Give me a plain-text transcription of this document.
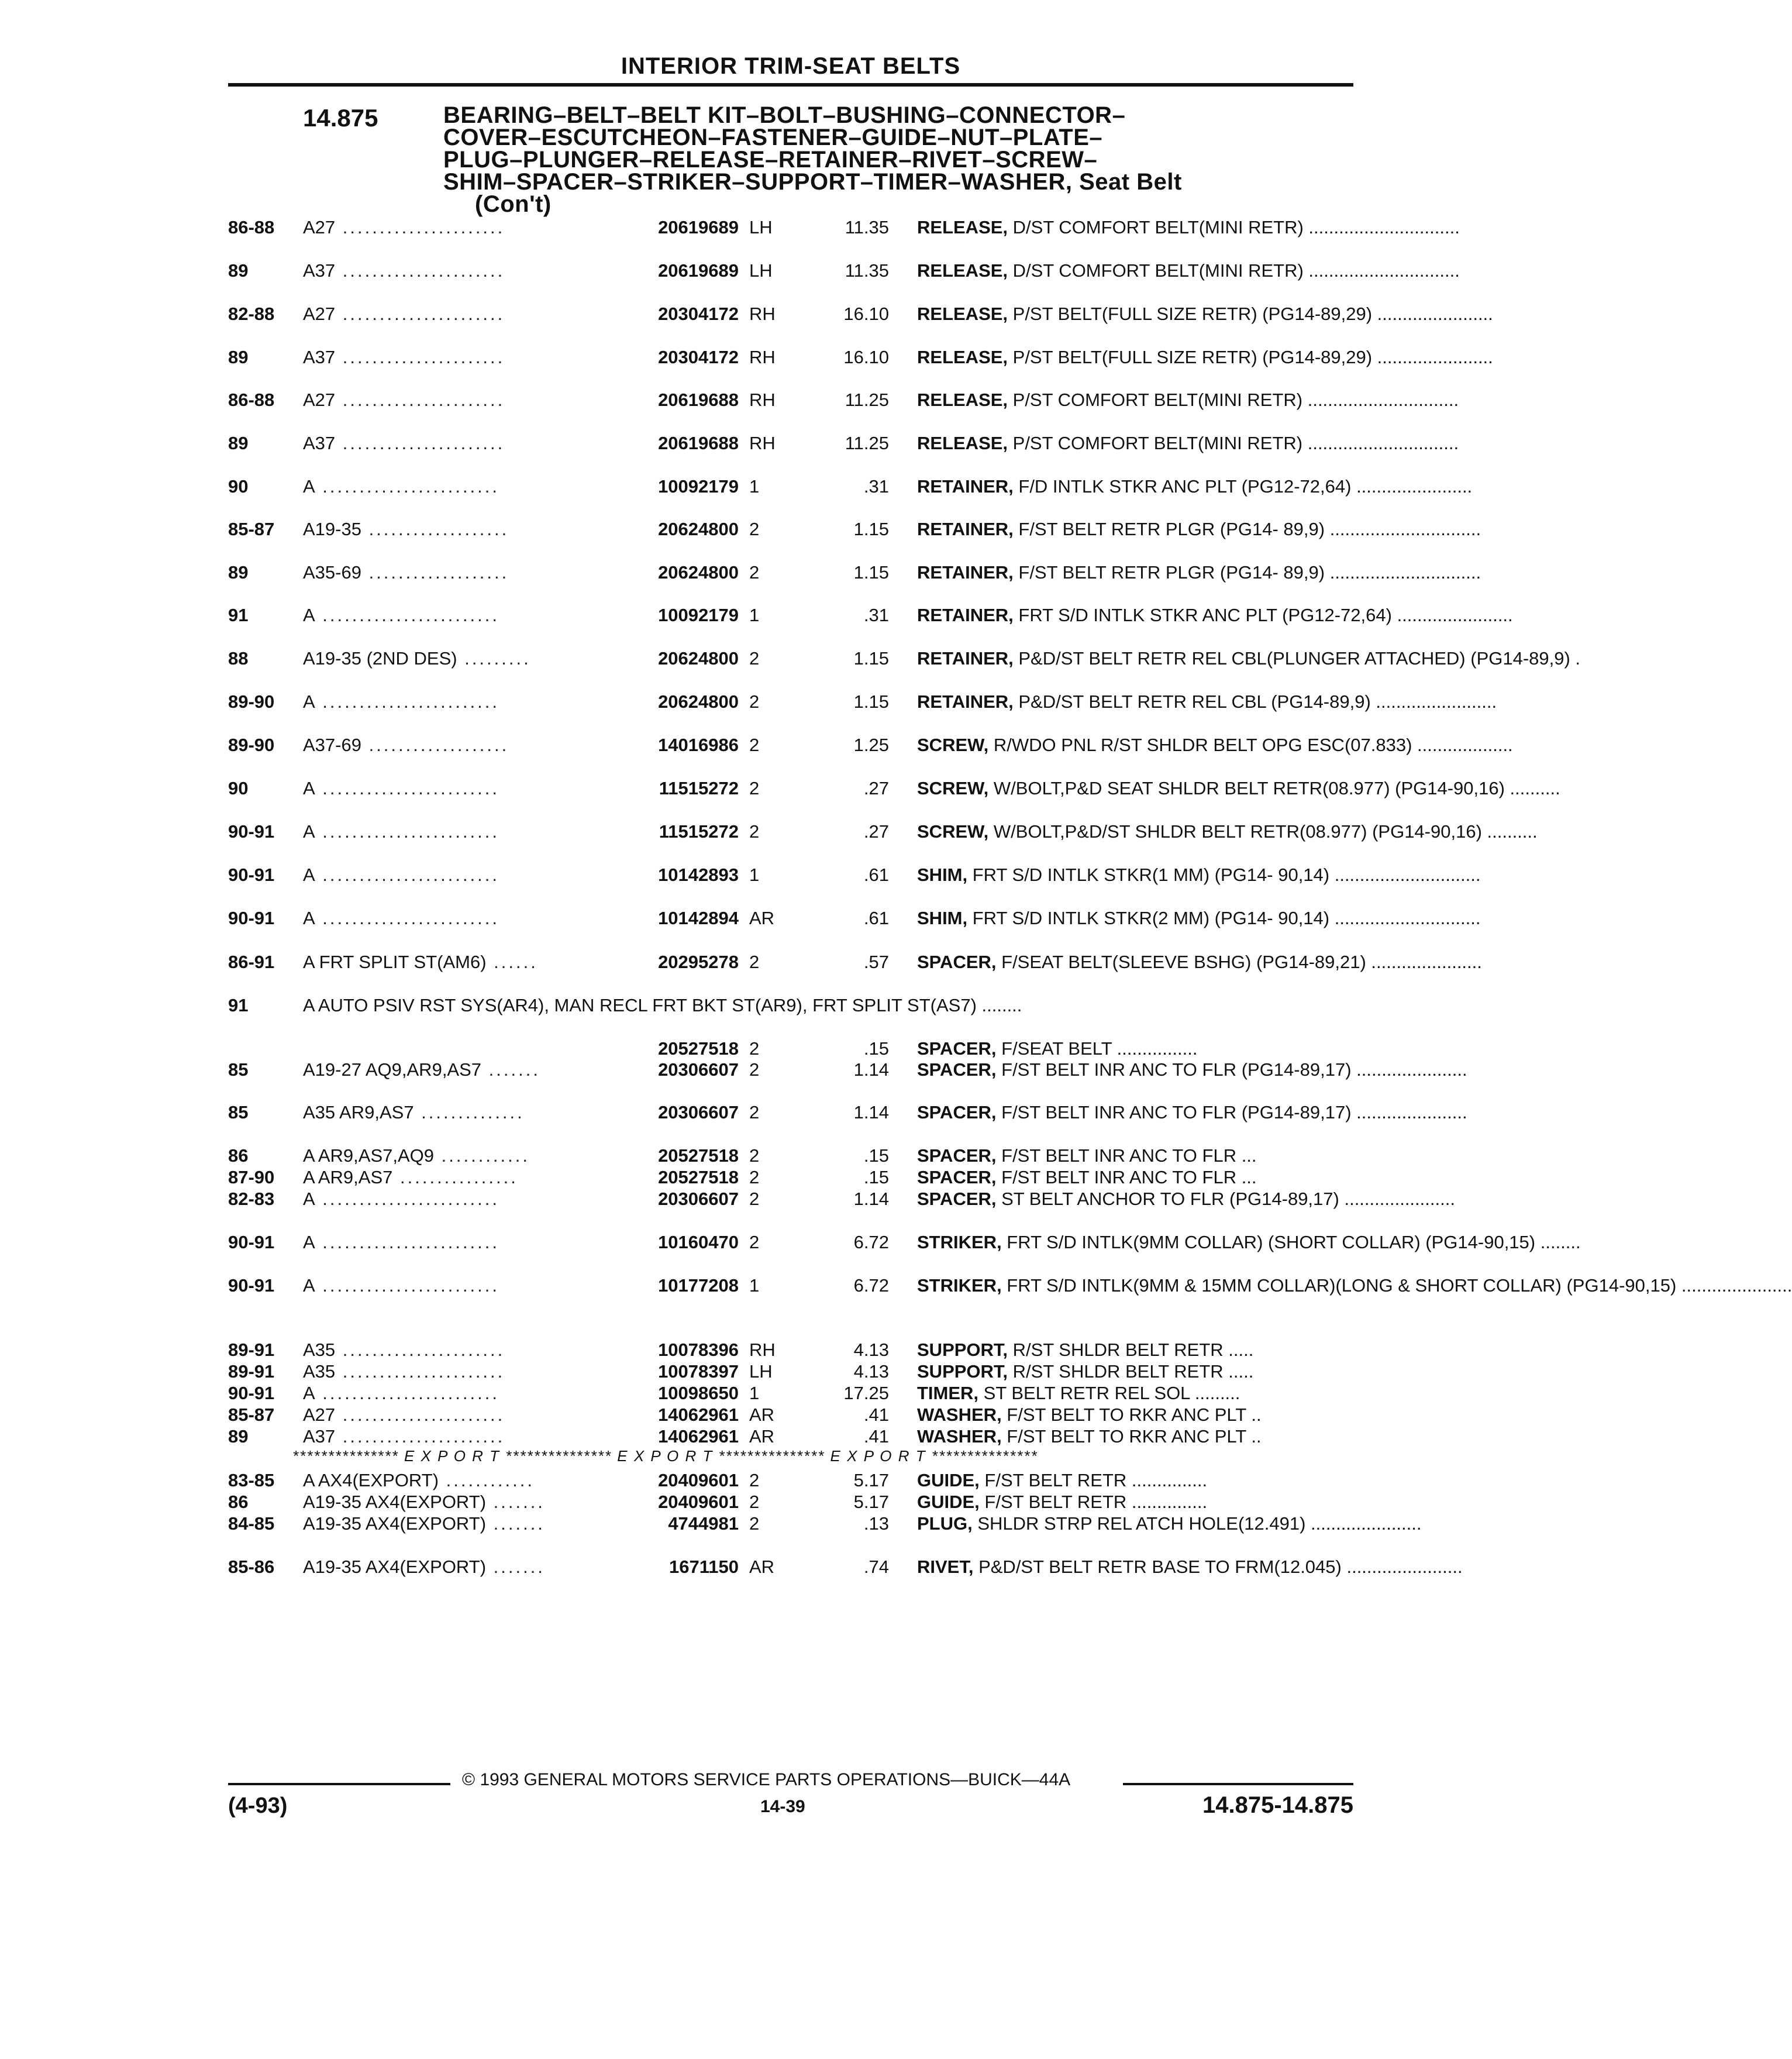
INTERIOR TRIM-SEAT BELTS
14.875	BEARING–BELT–BELT KIT–BOLT–BUSHING–CONNECTOR–
COVER–ESCUTCHEON–FASTENER–GUIDE–NUT–PLATE–
PLUG–PLUNGER–RELEASE–RETAINER–RIVET–SCREW–
SHIM–SPACER–STRIKER–SUPPORT–TIMER–WASHER, Seat Belt
(Con't)
86-88 A27 ......................	20619689 LH	11.35 RELEASE, D/ST COMFORT BELT(MINI RETR) ..............................
89	A37 ......................	20619689 LH	11.35 RELEASE, D/ST COMFORT BELT(MINI RETR) ..............................
82-88 A27 ......................	20304172 RH	16.10 RELEASE, P/ST BELT(FULL SIZE RETR) (PG14-89,29) .......................
89	A37 ......................	20304172 RH	16.10 RELEASE, P/ST BELT(FULL SIZE RETR) (PG14-89,29) .......................
86-88 A27 ......................	20619688 RH	11.25 RELEASE, P/ST COMFORT BELT(MINI RETR) ..............................
89	A37 ......................	20619688 RH	11.25 RELEASE, P/ST COMFORT BELT(MINI RETR) ..............................
90	A ........................	10092179 1	.31 RETAINER, F/D INTLK STKR ANC PLT (PG12-72,64) .......................
85-87 A19-35 ...................	20624800 2	1.15 RETAINER, F/ST BELT RETR PLGR (PG14- 89,9) ..............................
89	A35-69 ...................	20624800 2	1.15 RETAINER, F/ST BELT RETR PLGR (PG14- 89,9) ..............................
91	A ........................	10092179 1	.31 RETAINER, FRT S/D INTLK STKR ANC PLT (PG12-72,64) .......................
88	A19-35 (2ND DES) .........	20624800 2	1.15 RETAINER, P&D/ST BELT RETR REL CBL(PLUNGER ATTACHED) (PG14-89,9) .
89-90 A ........................	20624800 2	1.15 RETAINER, P&D/ST BELT RETR REL CBL (PG14-89,9) ........................
89-90 A37-69 ...................	14016986 2	1.25 SCREW, R/WDO PNL R/ST SHLDR BELT OPG ESC(07.833) ...................
90	A ........................	11515272 2	.27 SCREW, W/BOLT,P&D SEAT SHLDR BELT RETR(08.977) (PG14-90,16) ..........
90-91 A ........................	11515272 2	.27 SCREW, W/BOLT,P&D/ST SHLDR BELT RETR(08.977) (PG14-90,16) ..........
90-91 A ........................	10142893 1	.61 SHIM, FRT S/D INTLK STKR(1 MM) (PG14- 90,14) .............................
90-91 A ........................	10142894 AR	.61 SHIM, FRT S/D INTLK STKR(2 MM) (PG14- 90,14) .............................
86-91 A FRT SPLIT ST(AM6) ......	20295278 2	.57 SPACER, F/SEAT BELT(SLEEVE BSHG) (PG14-89,21) ......................
91	A AUTO PSIV RST SYS(AR4), MAN RECL FRT BKT ST(AR9), FRT SPLIT ST(AS7) ........
20527518 2	.15 SPACER, F/SEAT BELT ................
85	A19-27 AQ9,AR9,AS7 .......	20306607 2	1.14 SPACER, F/ST BELT INR ANC TO FLR (PG14-89,17) ......................
85	A35 AR9,AS7 ..............	20306607 2	1.14 SPACER, F/ST BELT INR ANC TO FLR (PG14-89,17) ......................
86	A AR9,AS7,AQ9 ............	20527518 2	.15 SPACER, F/ST BELT INR ANC TO FLR ...
87-90 A AR9,AS7 ................	20527518 2	.15 SPACER, F/ST BELT INR ANC TO FLR ...
82-83 A ........................	20306607 2	1.14 SPACER, ST BELT ANCHOR TO FLR (PG14-89,17) ......................
90-91 A ........................	10160470 2	6.72 STRIKER, FRT S/D INTLK(9MM COLLAR) (SHORT COLLAR) (PG14-90,15) ........
90-91 A ........................	10177208 1	6.72 STRIKER, FRT S/D INTLK(9MM & 15MM COLLAR)(LONG & SHORT COLLAR) (PG14-90,15) ......................
89-91 A35 ......................	10078396 RH	4.13 SUPPORT, R/ST SHLDR BELT RETR .....
89-91 A35 ......................	10078397 LH	4.13 SUPPORT, R/ST SHLDR BELT RETR .....
90-91 A ........................	10098650 1	17.25 TIMER, ST BELT RETR REL SOL .........
85-87 A27 ......................	14062961 AR	.41 WASHER, F/ST BELT TO RKR ANC PLT ..
89	A37 ......................	14062961 AR	.41 WASHER, F/ST BELT TO RKR ANC PLT ..
*************** E X P O R T *************** E X P O R T *************** E X P O R T ***************
83-85 A AX4(EXPORT) ............	20409601 2	5.17 GUIDE, F/ST BELT RETR ...............
86	A19-35 AX4(EXPORT) .......	20409601 2	5.17 GUIDE, F/ST BELT RETR ...............
84-85 A19-35 AX4(EXPORT) .......	4744981 2	.13 PLUG, SHLDR STRP REL ATCH HOLE(12.491) ......................
85-86 A19-35 AX4(EXPORT) .......	1671150 AR	.74 RIVET, P&D/ST BELT RETR BASE TO FRM(12.045) .......................
© 1993 GENERAL MOTORS SERVICE PARTS OPERATIONS—BUICK—44A
(4-93)	14-39	14.875-14.875
